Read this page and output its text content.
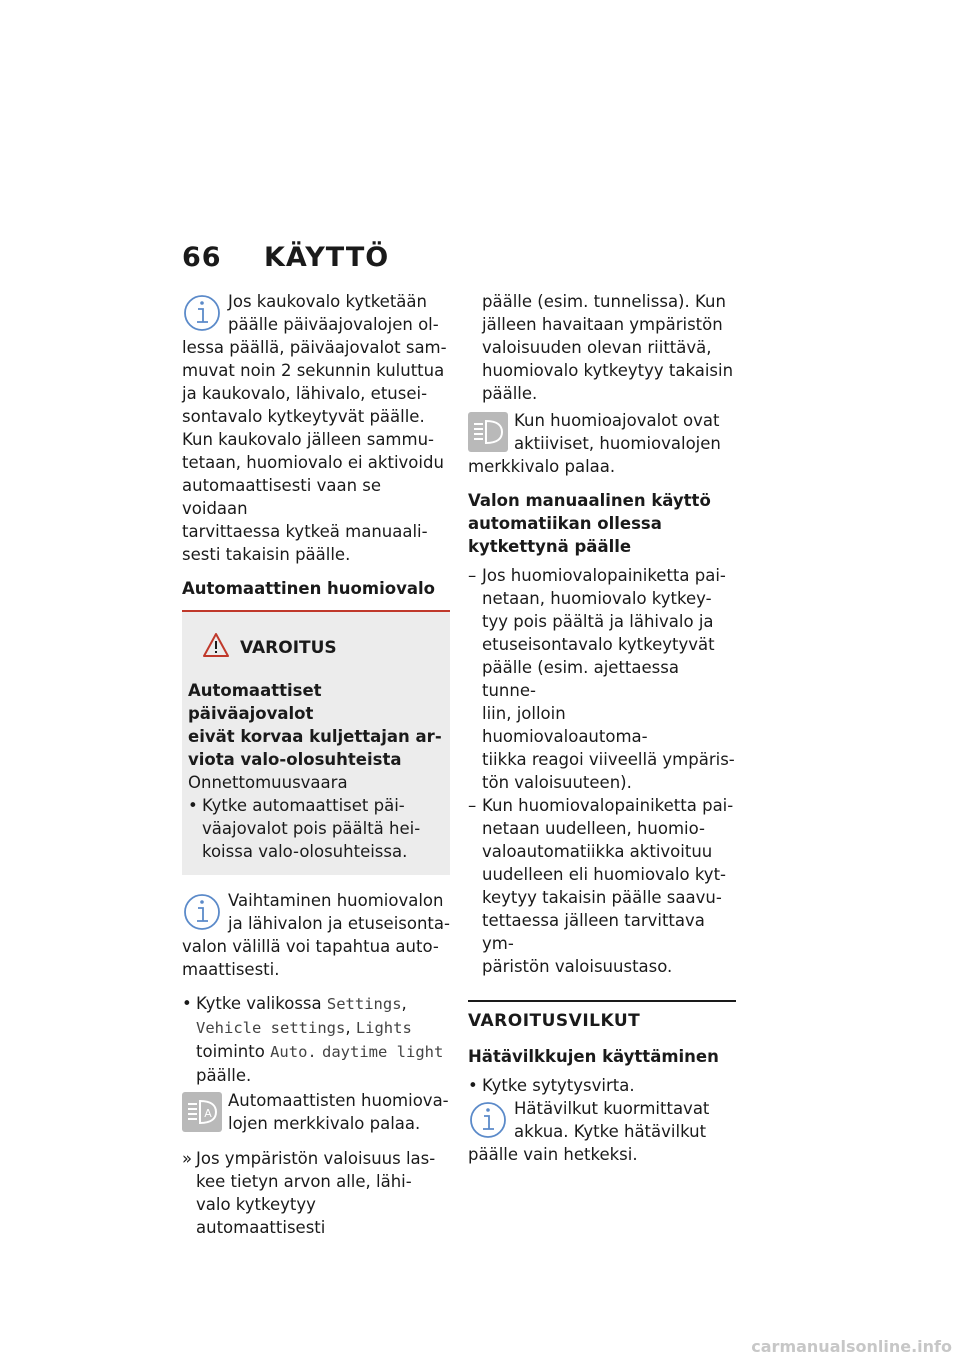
66 KÄYTTÖ

Jos kaukovalo kytketään

päälle päiväajovalojen ol-

lessa päällä, päiväajovalot sam-

muvat noin 2 sekunnin kuluttua

ja kaukovalo, lähivalo, etusei-

sontavalo kytkeytyvät päälle.

Kun kaukovalo jälleen sammu-

tetaan, huomiovalo ei aktivoidu

automaattisesti vaan se voidaan

tarvittaessa kytkeä manuaali-

sesti takaisin päälle.

Automaattinen huomiovalo

VAROITUS

Automaattiset päiväajovalot

eivät korvaa kuljettajan ar-

viota valo-olosuhteista

Onnettomuusvaara

• Kytke automaattiset päi-

väajovalot pois päältä hei-

koissa valo-olosuhteissa.

Vaihtaminen huomiovalon

ja lähivalon ja etuseisonta-

valon välillä voi tapahtua auto-

maattisesti.

• Kytke valikossa Settings, Vehicle settings, Lights toiminto Auto. daytime light päälle.
A

Automaattisten huomiova-

lojen merkkivalo palaa.

» Jos ympäristön valoisuus las-

kee tietyn arvon alle, lähi-

valo kytkeytyy automaattisesti

päälle (esim. tunnelissa). Kun

jälleen havaitaan ympäristön

valoisuuden olevan riittävä,

huomiovalo kytkeytyy takaisin

päälle.

Kun huomioajovalot ovat

aktiiviset, huomiovalojen

merkkivalo palaa.

Valon manuaalinen käyttö

automatiikan ollessa

kytkettynä päälle

– Jos huomiovalopainiketta pai-

netaan, huomiovalo kytkey-

tyy pois päältä ja lähivalo ja

etuseisontavalo kytkeytyvät

päälle (esim. ajettaessa tunne-

liin, jolloin huomiovaloautoma-

tiikka reagoi viiveellä ympäris-

tön valoisuuteen).

– Kun huomiovalopainiketta pai-

netaan uudelleen, huomio-

valoautomatiikka aktivoituu

uudelleen eli huomiovalo kyt-

keytyy takaisin päälle saavu-

tettaessa jälleen tarvittava ym-

päristön valoisuustaso.

VAROITUSVILKUT

Hätävilkkujen käyttäminen

• Kytke sytytysvirta.

Hätävilkut kuormittavat

akkua. Kytke hätävilkut

päälle vain hetkeksi.

carmanualsonline.info
